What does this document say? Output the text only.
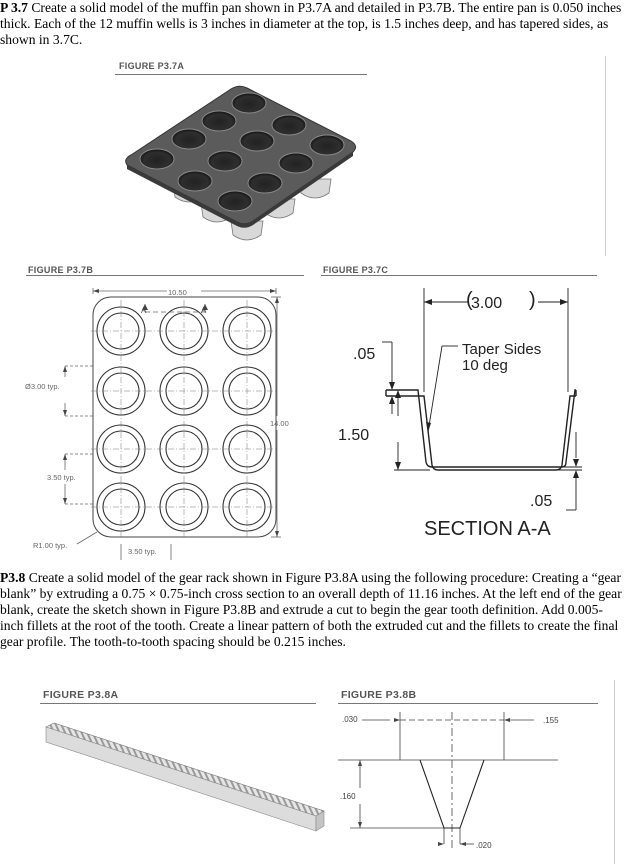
P 3.7 Create a solid model of the muffin pan shown in P3.7A and detailed in P3.7B. The entire pan is 0.050 inches thick. Each of the 12 muffin wells is 3 inches in diameter at the top, is 1.5 inches deep, and has tapered sides, as shown in 3.7C.
FIGURE P3.7A
FIGURE P3.7B
10.50
14.00
Ø3.00 typ.
3.50 typ.
R1.00 typ.
3.50 typ.
A	A
FIGURE P3.7C
3.00
(	)
.05	Taper Sides
10 deg
1.50
.05
SECTION A-A
P3.8 Create a solid model of the gear rack shown in Figure P3.8A using the following procedure: Creating a “gear blank” by extruding a 0.75 × 0.75-inch cross section to an overall depth of 11.16 inches. At the left end of the gear blank, create the sketch shown in Figure P3.8B and extrude a cut to begin the gear tooth definition. Add 0.005-inch fillets at the root of the tooth. Create a linear pattern of both the extruded cut and the fillets to create the final gear profile. The tooth-to-tooth spacing should be 0.215 inches.
FIGURE P3.8A	FIGURE P3.8B
.030	.155
.160
.020
